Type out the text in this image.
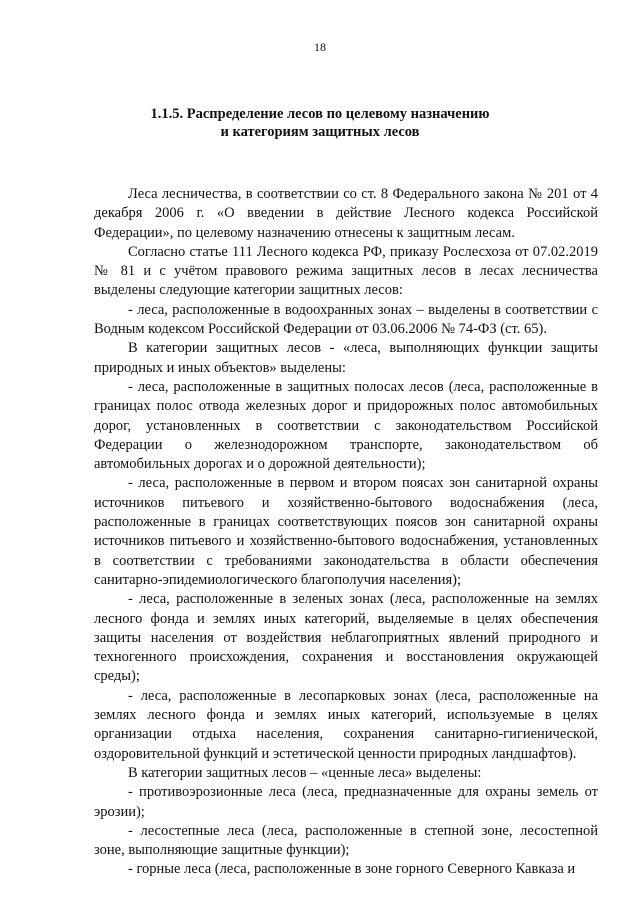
18
1.1.5. Распределение лесов по целевому назначению
и категориям защитных лесов

Леса лесничества, в соответствии со ст. 8 Федерального закона № 201 от 4 декабря 2006 г. «О введении в действие Лесного кодекса Российской Федерации», по целевому назначению отнесены к защитным лесам.

Согласно статье 111 Лесного кодекса РФ, приказу Рослесхоза от 07.02.2019 № 81 и с учётом правового режима защитных лесов в лесах лесничества выделены следующие категории защитных лесов:

- леса, расположенные в водоохранных зонах – выделены в соответствии с Водным кодексом Российской Федерации от 03.06.2006 № 74-ФЗ (ст. 65).

В категории защитных лесов - «леса, выполняющих функции защиты природных и иных объектов» выделены:

- леса, расположенные в защитных полосах лесов (леса, расположенные в границах полос отвода железных дорог и придорожных полос автомобильных дорог, установленных в соответствии с законодательством Российской Федерации о железнодорожном транспорте, законодательством об автомобильных дорогах и о дорожной деятельности);

- леса, расположенные в первом и втором поясах зон санитарной охраны источников питьевого и хозяйственно-бытового водоснабжения (леса, расположенные в границах соответствующих поясов зон санитарной охраны источников питьевого и хозяйственно-бытового водоснабжения, установленных в соответствии с требованиями законодательства в области обеспечения санитарно-эпидемиологического благополучия населения);

- леса, расположенные в зеленых зонах (леса, расположенные на землях лесного фонда и землях иных категорий, выделяемые в целях обеспечения защиты населения от воздействия неблагоприятных явлений природного и техногенного происхождения, сохранения и восстановления окружающей среды);

- леса, расположенные в лесопарковых зонах (леса, расположенные на землях лесного фонда и землях иных категорий, используемые в целях организации отдыха населения, сохранения санитарно-гигиенической, оздоровительной функций и эстетической ценности природных ландшафтов).

В категории защитных лесов – «ценные леса» выделены:

- противоэрозионные леса (леса, предназначенные для охраны земель от эрозии);

- лесостепные леса (леса, расположенные в степной зоне, лесостепной зоне, выполняющие защитные функции);

- горные леса (леса, расположенные в зоне горного Северного Кавказа и
